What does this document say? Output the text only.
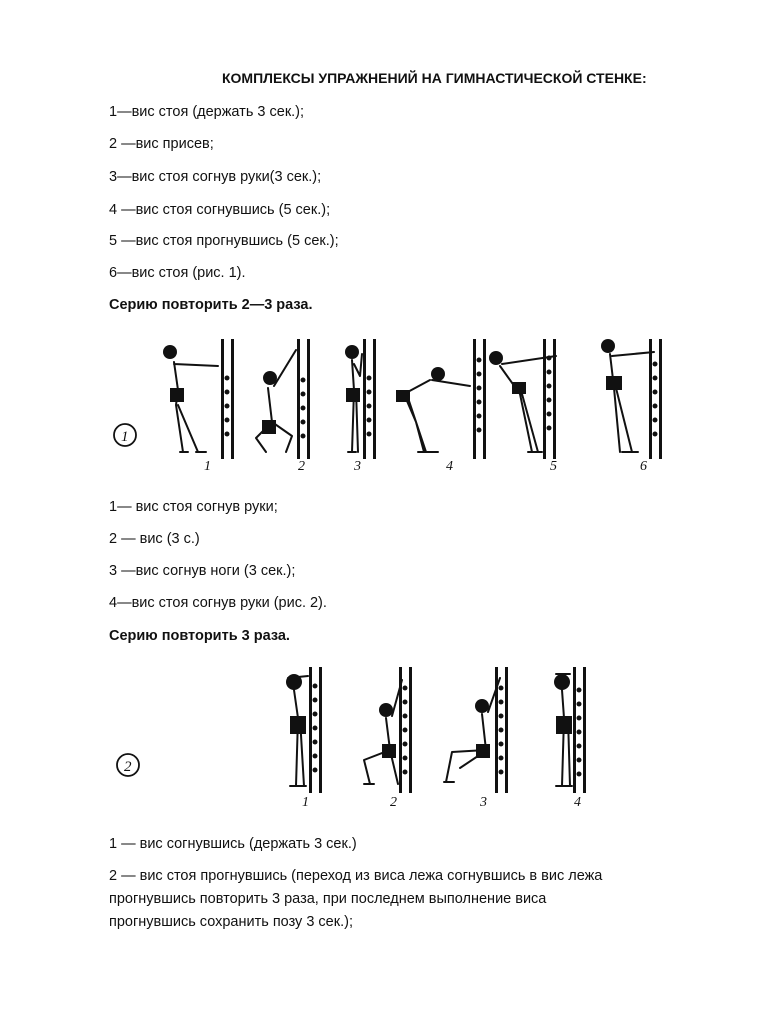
КОМПЛЕКСЫ УПРАЖНЕНИЙ НА ГИМНАСТИЧЕСКОЙ СТЕНКЕ:
1—вис стоя (держать 3 сек.);
2 —вис присев;
3—вис стоя согнув руки(3 сек.);
4 —вис стоя согнувшись (5 сек.);
5 —вис стоя прогнувшись (5 сек.);
6—вис стоя (рис. 1).
Серию повторить 2—3 раза.
1
1	2	3	4	5	6
1— вис стоя согнув руки;
2 — вис (3 с.)
3 —вис согнув ноги (3 сек.);
4—вис стоя согнув руки (рис. 2).
Серию повторить 3 раза.
2
1	2	3	4
1 — вис согнувшись (держать 3 сек.)
2 — вис стоя прогнувшись (переход из виса лежа согнувшись в вис лежа
прогнувшись повторить 3 раза, при последнем выполнение виса
прогнувшись сохранить позу 3 сек.);
